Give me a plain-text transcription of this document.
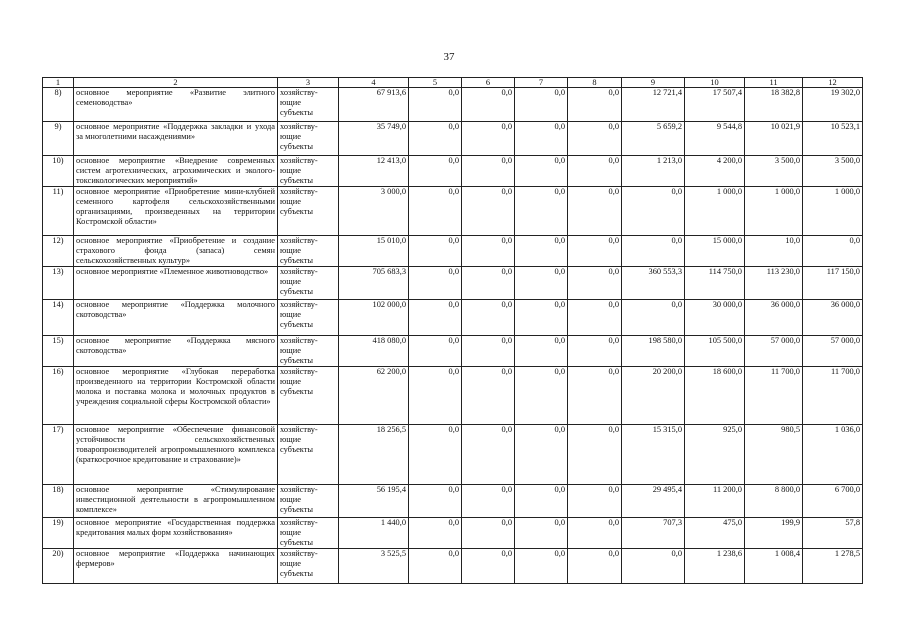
37
1	2	3	4	5	6	7	8	9	10	11	12
8)	основное мероприятие «Развитие элитного семеноводства»	хозяйству- ющие субъекты	67 913,6	0,0	0,0	0,0	0,0	12 721,4	17 507,4	18 382,8	19 302,0
9)	основное мероприятие «Поддержка закладки и ухода за многолетними насаждениями»	хозяйству- ющие субъекты	35 749,0	0,0	0,0	0,0	0,0	5 659,2	9 544,8	10 021,9	10 523,1
10)	основное мероприятие «Внедрение современных систем агротехнических, агрохимических и эколого-токсикологических мероприятий»	хозяйству- ющие субъекты	12 413,0	0,0	0,0	0,0	0,0	1 213,0	4 200,0	3 500,0	3 500,0
11)	основное мероприятие «Приобретение мини-клубней семенного картофеля сельскохозяйственными организациями, произведенных на территории Костромской области»	хозяйству- ющие субъекты	3 000,0	0,0	0,0	0,0	0,0	0,0	1 000,0	1 000,0	1 000,0
12)	основное мероприятие «Приобретение и создание страхового фонда (запаса) семян сельскохозяйственных культур»	хозяйству- ющие субъекты	15 010,0	0,0	0,0	0,0	0,0	0,0	15 000,0	10,0	0,0
13)	основное мероприятие «Племенное животноводство»	хозяйству- ющие субъекты	705 683,3	0,0	0,0	0,0	0,0	360 553,3	114 750,0	113 230,0	117 150,0
14)	основное мероприятие «Поддержка молочного скотоводства»	хозяйству- ющие субъекты	102 000,0	0,0	0,0	0,0	0,0	0,0	30 000,0	36 000,0	36 000,0
15)	основное мероприятие «Поддержка мясного скотоводства»	хозяйству- ющие субъекты	418 080,0	0,0	0,0	0,0	0,0	198 580,0	105 500,0	57 000,0	57 000,0
16)	основное мероприятие «Глубокая переработка произведенного на территории Костромской области молока и поставка молока и молочных продуктов в учреждения социальной сферы Костромской области»	хозяйству- ющие субъекты	62 200,0	0,0	0,0	0,0	0,0	20 200,0	18 600,0	11 700,0	11 700,0
17)	основное мероприятие «Обеспечение финансовой устойчивости сельскохозяйственных товаропроизводителей агропромышленного комплекса (краткосрочное кредитование и страхование)»	хозяйству- ющие субъекты	18 256,5	0,0	0,0	0,0	0,0	15 315,0	925,0	980,5	1 036,0
18)	основное мероприятие «Стимулирование инвестиционной деятельности в агропромышленном комплексе»	хозяйству- ющие субъекты	56 195,4	0,0	0,0	0,0	0,0	29 495,4	11 200,0	8 800,0	6 700,0
19)	основное мероприятие «Государственная поддержка кредитования малых форм хозяйствования»	хозяйству- ющие субъекты	1 440,0	0,0	0,0	0,0	0,0	707,3	475,0	199,9	57,8
20)	основное мероприятие «Поддержка начинающих фермеров»	хозяйству- ющие субъекты	3 525,5	0,0	0,0	0,0	0,0	0,0	1 238,6	1 008,4	1 278,5
